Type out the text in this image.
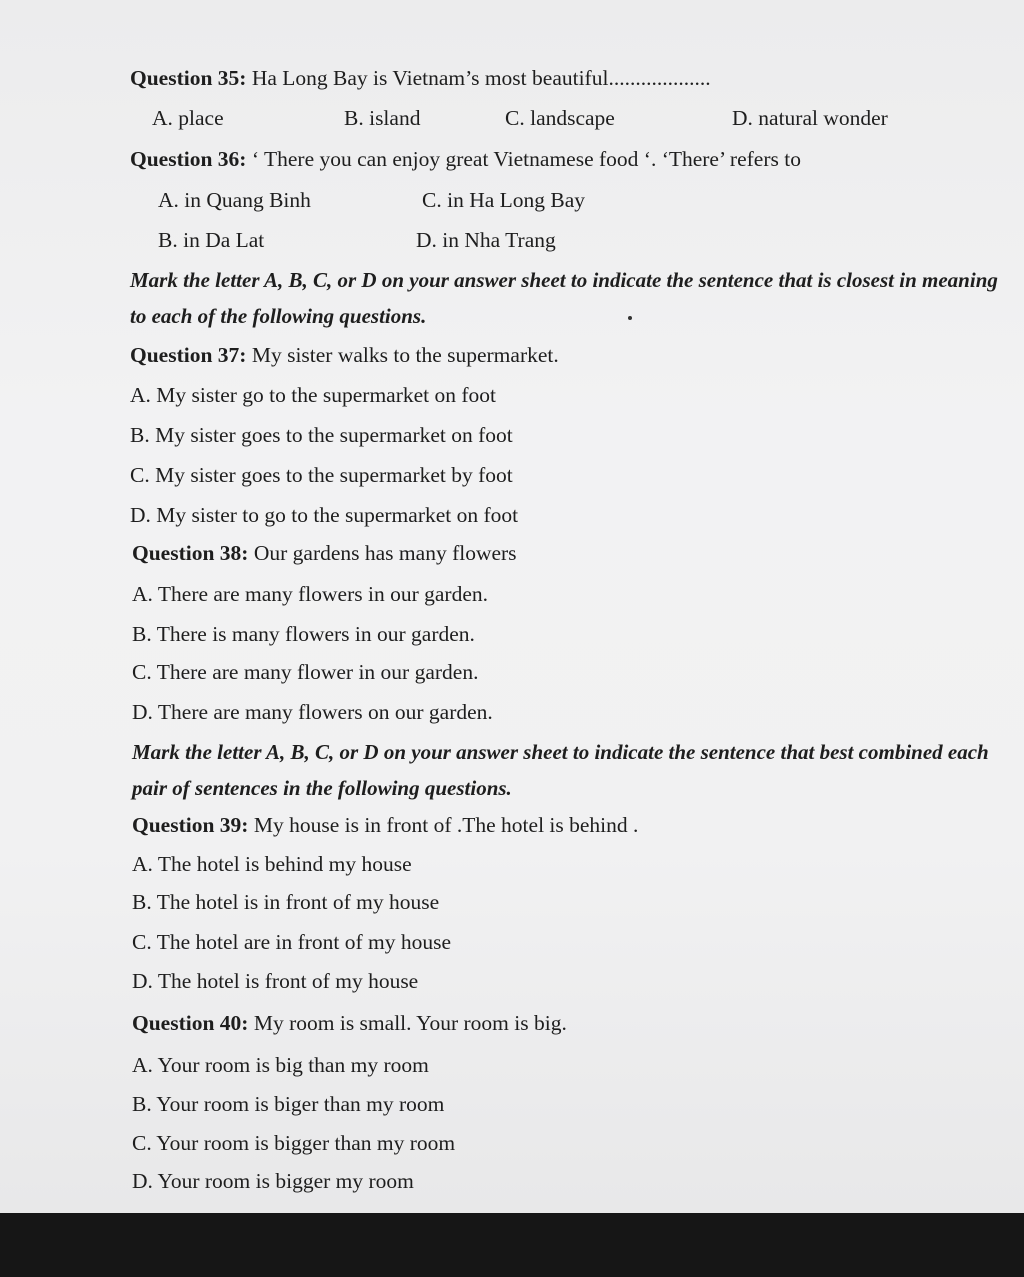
Question 35: Ha Long Bay is Vietnam’s most beautiful...................
A. place	B. island	C. landscape	D. natural wonder
Question 36: ‘ There you can enjoy great Vietnamese food ‘. ‘There’ refers to
A. in Quang Binh	C. in Ha Long Bay
B. in Da Lat	D. in Nha Trang
Mark the letter A, B, C, or D on your answer sheet to indicate the sentence that is closest in meaning to each of the following questions.
Question 37: My sister walks to the supermarket.
A. My sister go to the supermarket on foot
B. My sister goes to the supermarket on foot
C. My sister goes to the supermarket by foot
D. My sister to go to the supermarket on foot
Question 38: Our gardens has many flowers
A. There are many flowers in our garden.
B. There is many flowers in our garden.
C. There are many flower in our garden.
D. There are many flowers on our garden.
Mark the letter A, B, C, or D on your answer sheet to indicate the sentence that best combined each pair of sentences in the following questions.
Question 39: My house is in front of .The hotel is behind .
A. The hotel is behind my house
B. The hotel is in front of my house
C. The hotel are in front of my house
D. The hotel is front of my house
Question 40: My room is small. Your room is big.
A. Your room is big than my room
B. Your room is biger than my room
C. Your room is bigger than my room
D. Your room is bigger my room
